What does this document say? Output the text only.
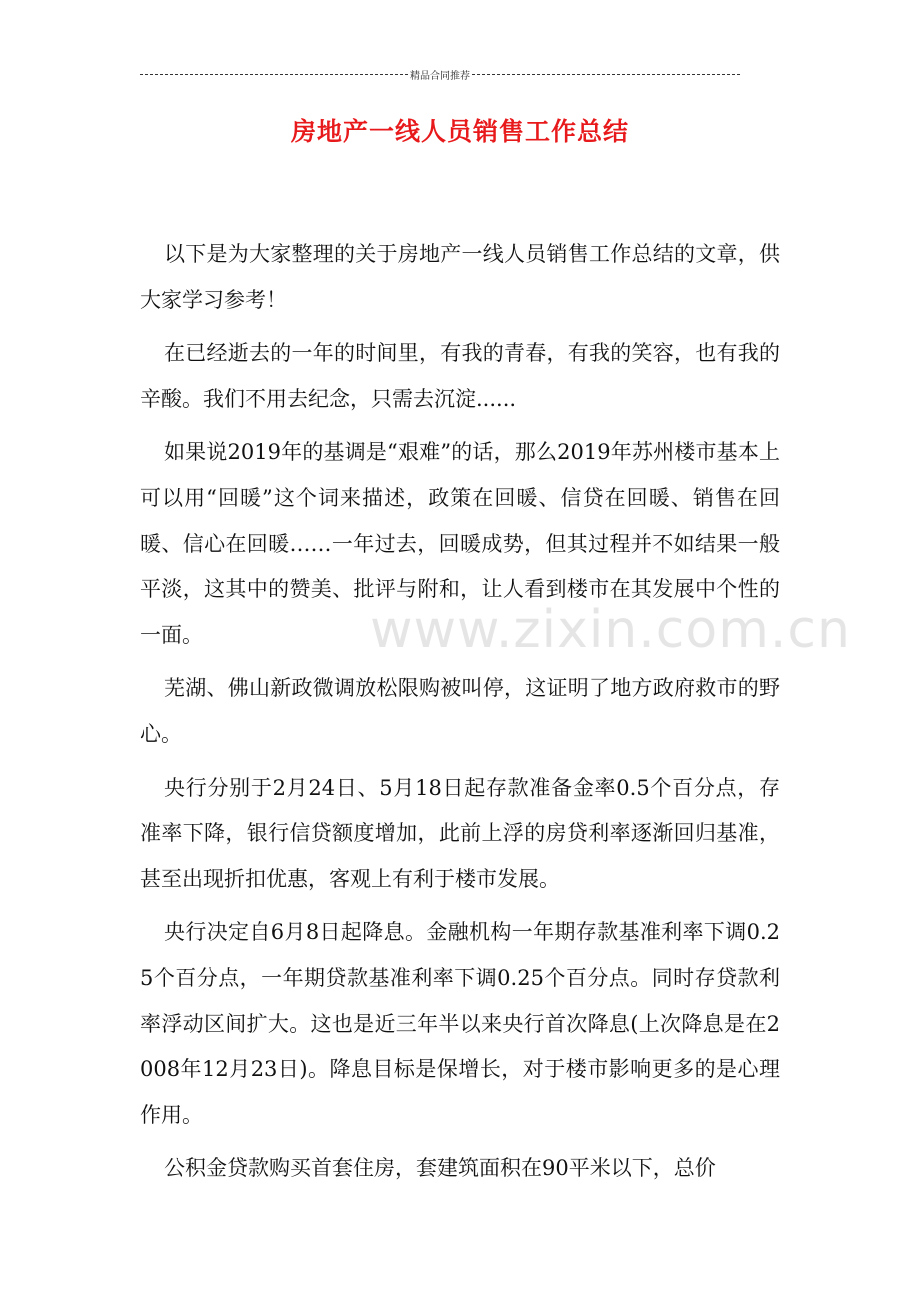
精品合同推荐
房地产一线人员销售工作总结

以下是为大家整理的关于房地产一线人员销售工作总结的文章，供大家学习参考！

在已经逝去的一年的时间里，有我的青春，有我的笑容，也有我的辛酸。我们不用去纪念，只需去沉淀......

如果说2019年的基调是“艰难”的话，那么2019年苏州楼市基本上可以用“回暖”这个词来描述，政策在回暖、信贷在回暖、销售在回暖、信心在回暖……一年过去，回暖成势，但其过程并不如结果一般平淡，这其中的赞美、批评与附和，让人看到楼市在其发展中个性的一面。

芜湖、佛山新政微调放松限购被叫停，这证明了地方政府救市的野心。

央行分别于2月24日、5月18日起存款准备金率0.5个百分点，存准率下降，银行信贷额度增加，此前上浮的房贷利率逐渐回归基准，甚至出现折扣优惠，客观上有利于楼市发展。

央行决定自6月8日起降息。金融机构一年期存款基准利率下调0.25个百分点，一年期贷款基准利率下调0.25个百分点。同时存贷款利率浮动区间扩大。这也是近三年半以来央行首次降息(上次降息是在2008年12月23日)。降息目标是保增长，对于楼市影响更多的是心理作用。

公积金贷款购买首套住房，套建筑面积在90平米以下，总价

www.zixin.com.cn
